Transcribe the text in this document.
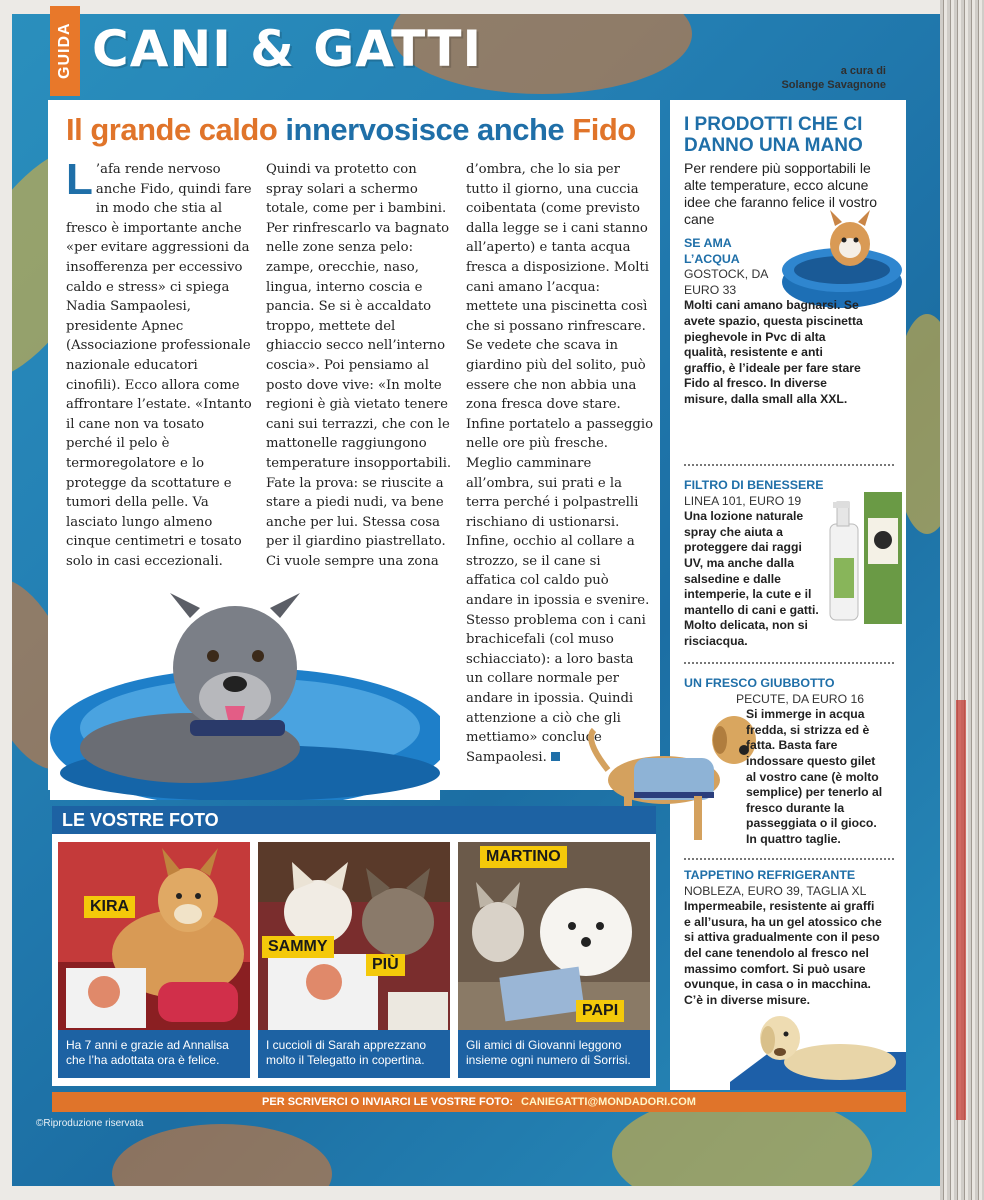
GUIDA CANI & GATTI	a cura di
Solange Savagnone
Il grande caldo innervosisce anche Fido
L ’afa rende nervoso anche Fido, quindi fare in modo che stia al fresco è importante anche «per evitare aggressioni da insofferenza per eccessivo caldo e stress» ci spiega Nadia Sampaolesi, presidente Apnec (Associazione professionale nazionale educatori cinofili). Ecco allora come affrontare l’estate. «Intanto il cane non va tosato perché il pelo è termoregolatore e lo protegge da scottature e tumori della pelle. Va lasciato lungo almeno cinque centimetri e tosato solo in casi eccezionali.
Quindi va protetto con spray solari a schermo totale, come per i bambini. Per rinfrescarlo va bagnato nelle zone senza pelo: zampe, orecchie, naso, lingua, interno coscia e pancia. Se si è accaldato troppo, mettete del ghiaccio secco nell’interno coscia». Poi pensiamo al posto dove vive: «In molte regioni è già vietato tenere cani sui terrazzi, che con le mattonelle raggiungono temperature insopportabili. Fate la prova: se riuscite a stare a piedi nudi, va bene anche per lui. Stessa cosa per il giardino piastrellato. Ci vuole sempre una zona
d’ombra, che lo sia per tutto il giorno, una cuccia coibentata (come previsto dalla legge se i cani stanno all’aperto) e tanta acqua fresca a disposizione. Molti cani amano l’acqua: mettete una piscinetta così che si possano rinfrescare. Se vedete che scava in giardino più del solito, può essere che non abbia una zona fresca dove stare. Infine portatelo a passeggio nelle ore più fresche. Meglio camminare all’ombra, sui prati e la terra perché i polpastrelli rischiano di ustionarsi. Infine, occhio al collare a strozzo, se il cane si affatica col caldo può andare in ipossia e svenire. Stesso problema con i cani brachicefali (col muso schiacciato): a loro basta un collare normale per andare in ipossia. Quindi attenzione a ciò che gli mettiamo» conclude Sampaolesi.
I PRODOTTI CHE CI DANNO UNA MANO
Per rendere più sopportabili le alte temperature, ecco alcune idee che faranno felice il vostro cane
SE AMA L’ACQUA
GOSTOCK, DA EURO 33
Molti cani amano bagnarsi. Se avete spazio, questa piscinetta pieghevole in Pvc di alta qualità, resistente e anti graffio, è l’ideale per fare stare Fido al fresco. In diverse misure, dalla small alla XXL.
FILTRO DI BENESSERE
LINEA 101, EURO 19
Una lozione naturale spray che aiuta a proteggere dai raggi UV, ma anche dalla salsedine e dalle intemperie, la cute e il mantello di cani e gatti. Molto delicata, non si risciacqua.
UN FRESCO GIUBBOTTO
PECUTE, DA EURO 16
Si immerge in acqua fredda, si strizza ed è fatta. Basta fare indossare questo gilet al vostro cane (è molto semplice) per tenerlo al fresco durante la passeggiata o il gioco. In quattro taglie.
TAPPETINO REFRIGERANTE
NOBLEZA, EURO 39, TAGLIA XL
Impermeabile, resistente ai graffi e all’usura, ha un gel atossico che si attiva gradualmente con il peso del cane tenendolo al fresco nel massimo comfort. Si può usare ovunque, in casa o in macchina. C’è in diverse misure.
LE VOSTRE FOTO
KIRA
Ha 7 anni e grazie ad Annalisa che l’ha adottata ora è felice.
SAMMY
PIÙ
I cuccioli di Sarah apprezzano molto il Telegatto in copertina.
MARTINO
PAPI
Gli amici di Giovanni leggono insieme ogni numero di Sorrisi.
PER SCRIVERCI O INVIARCI LE VOSTRE FOTO: CANIEGATTI@MONDADORI.COM
©Riproduzione riservata
